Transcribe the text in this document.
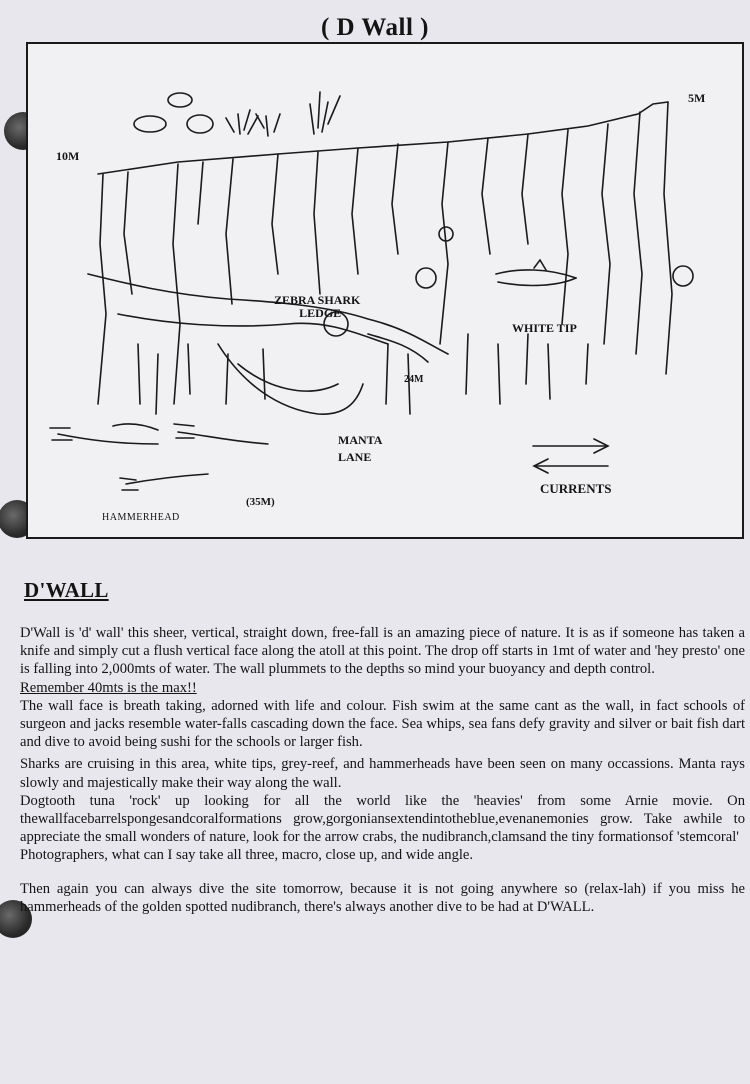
( D Wall )
10M
5M
ZEBRA SHARK
LEDGE
WHITE TIP
24M
MANTA
LANE
CURRENTS
HAMMERHEAD
(35M)
D'WALL

D'Wall is 'd' wall' this sheer, vertical, straight down, free-fall is an amazing piece of nature. It is as if someone has taken a knife and simply cut a flush vertical face along the atoll at this point. The drop off starts in 1mt of water and 'hey presto' one is falling into 2,000mts of water. The wall plummets to the depths so mind your buoyancy and depth control.

Remember 40mts is the max!!

The wall face is breath taking, adorned with life and colour. Fish swim at the same cant as the wall, in fact schools of surgeon and jacks resemble water-falls cascading down the face. Sea whips, sea fans defy gravity and silver or bait fish dart and dive to avoid being sushi for the schools or larger fish.

Sharks are cruising in this area, white tips, grey-reef, and hammerheads have been seen on many occassions. Manta rays slowly and majestically make their way along the wall.

Dogtooth tuna 'rock' up looking for all the world like the 'heavies' from some Arnie movie. On thewallfacebarrelspongesandcoralformations grow,gorgoniansextendintotheblue,evenanemonies grow. Take awhile to appreciate the small wonders of nature, look for the arrow crabs, the nudibranch,clamsand the tiny formationsof 'stemcoral'

Photographers, what can I say take all three, macro, close up, and wide angle.

Then again you can always dive the site tomorrow, because it is not going anywhere so (relax-lah) if you miss he hammerheads of the golden spotted nudibranch, there's always another dive to be had at D'WALL.
